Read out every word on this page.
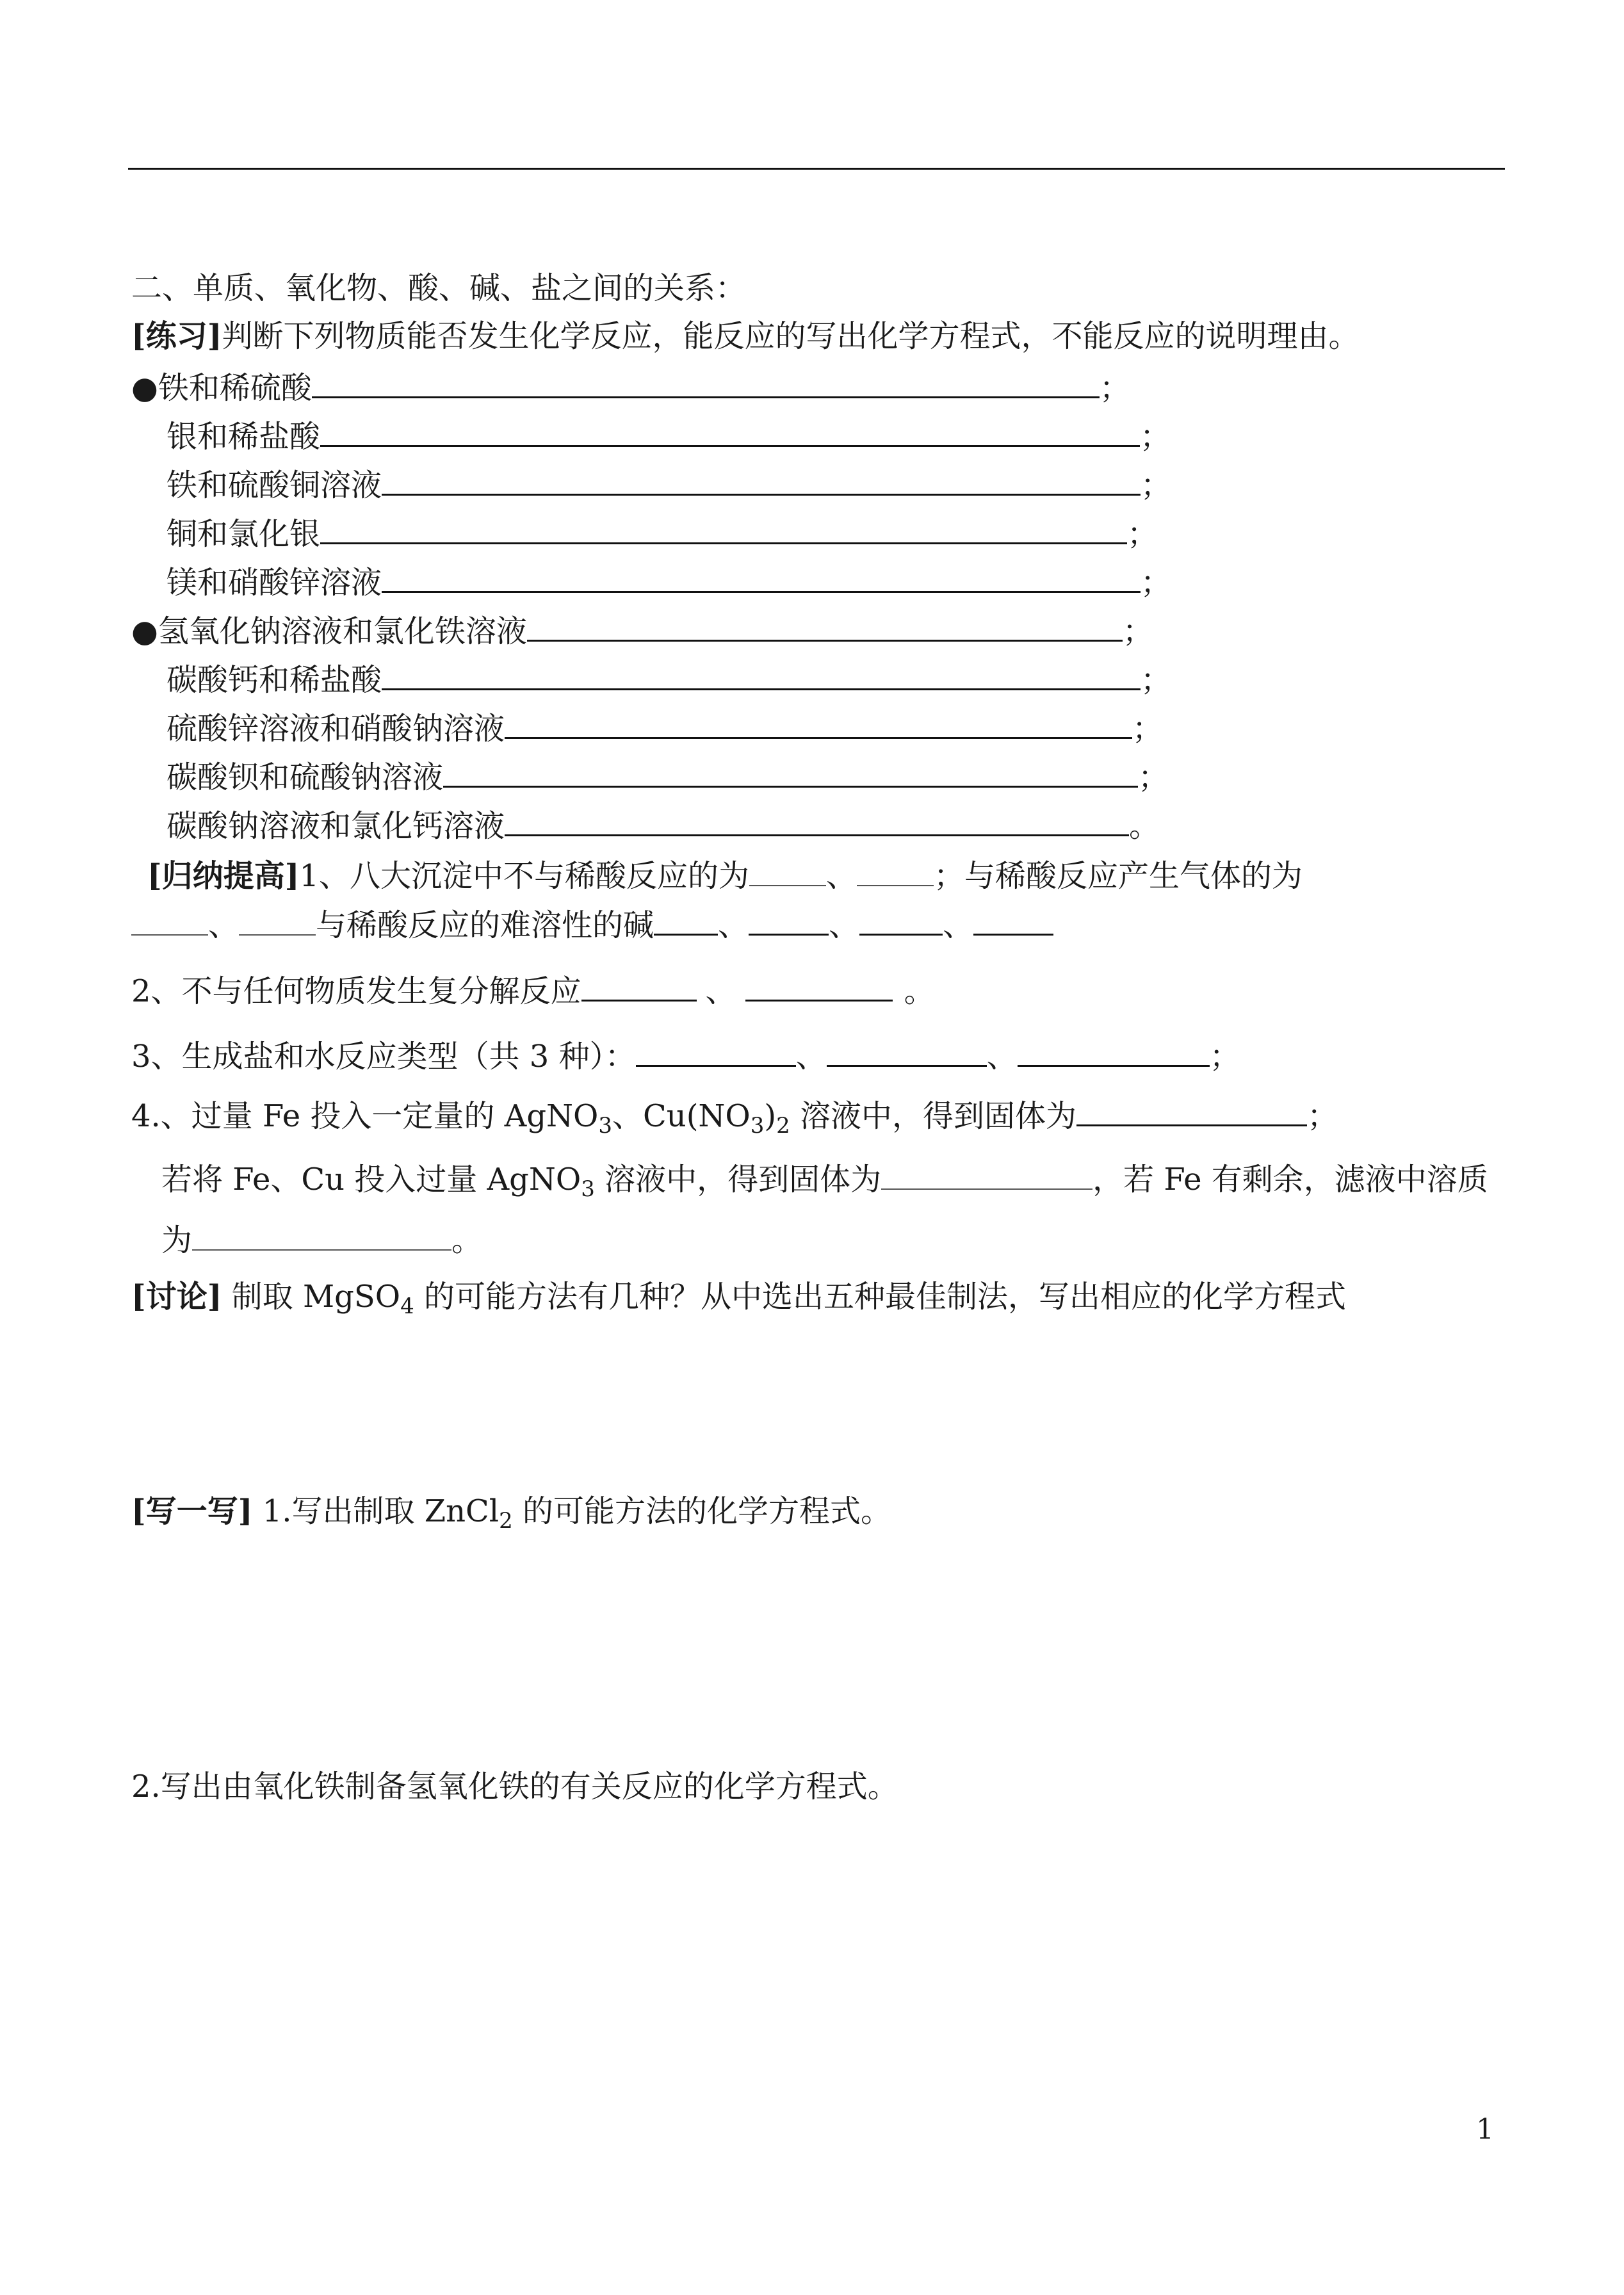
二、单质、氧化物、酸、碱、盐之间的关系：
[练习]判断下列物质能否发生化学反应，能反应的写出化学方程式，不能反应的说明理由。
●铁和稀硫酸	；
银和稀盐酸	；
铁和硫酸铜溶液	；
铜和氯化银	；
镁和硝酸锌溶液	；
●氢氧化钠溶液和氯化铁溶液	；
碳酸钙和稀盐酸	；
硫酸锌溶液和硝酸钠溶液	；
碳酸钡和硫酸钠溶液	；
碳酸钠溶液和氯化钙溶液	。
[归纳提高]1、八大沉淀中不与稀酸反应的为	、	；与稀酸反应产生气体的为
、	与稀酸反应的难溶性的碱 、	、	、
2、不与任何物质发生复分解反应	、	。
3、生成盐和水反应类型（共 3 种）：	、	、	；
4.、过量 Fe 投入一定量的 AgNO$_3$、$Cu(NO_3)_2$ 溶液中，得到固体为	；
若将 Fe、Cu 投入过量 AgNO$_3$ 溶液中，得到固体为	，若 Fe 有剩余，滤液中溶质
为	。
[讨论] 制取 MgSO$_4$ 的可能方法有几种？从中选出五种最佳制法，写出相应的化学方程式
[写一写] 1.写出制取 ZnCl$_2$ 的可能方法的化学方程式。
2.写出由氧化铁制备氢氧化铁的有关反应的化学方程式。
1
